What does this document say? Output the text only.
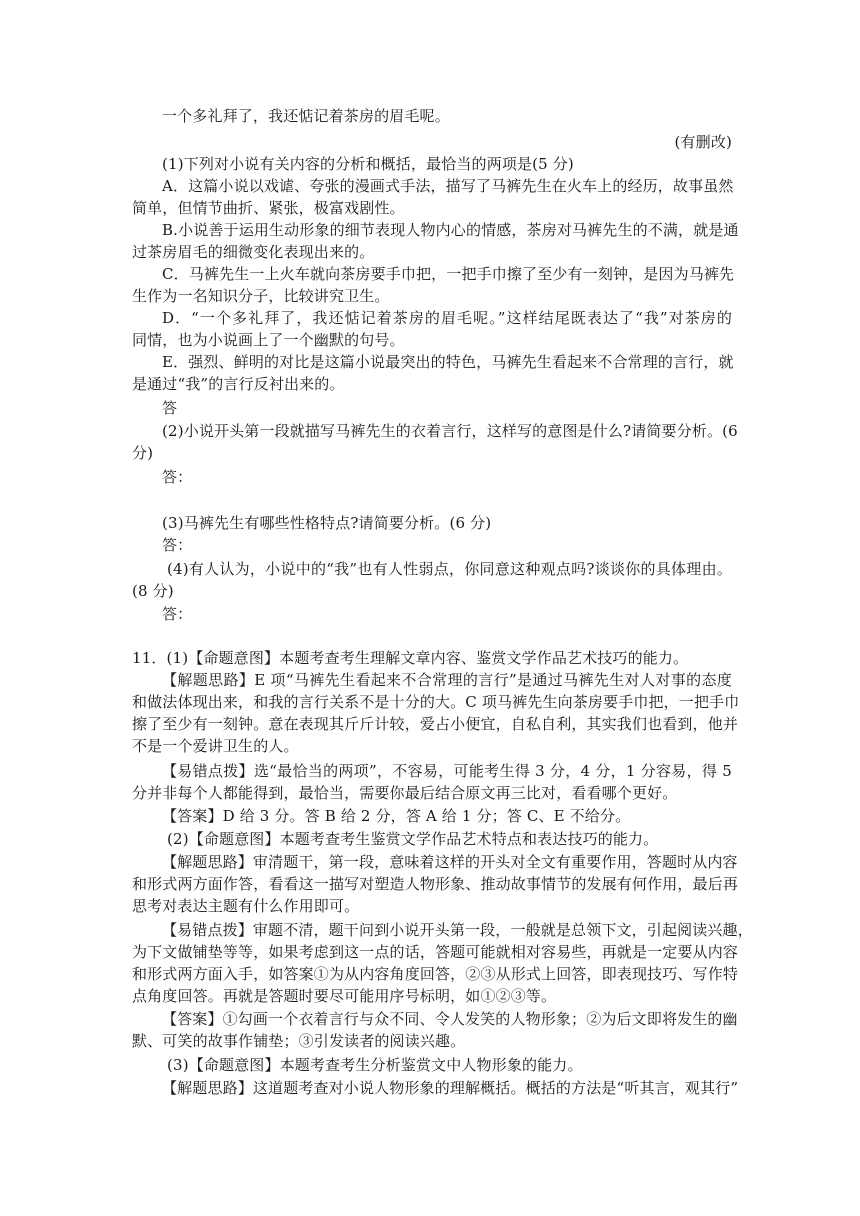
一个多礼拜了，我还惦记着茶房的眉毛呢。
(有删改)
(1)下列对小说有关内容的分析和概括，最恰当的两项是(5 分)
A．这篇小说以戏谑、夸张的漫画式手法，描写了马裤先生在火车上的经历，故事虽然
简单，但情节曲折、紧张，极富戏剧性。
B.小说善于运用生动形象的细节表现人物内心的情感，茶房对马裤先生的不满，就是通
过茶房眉毛的细微变化表现出来的。
C．马裤先生一上火车就向茶房要手巾把，一把手巾擦了至少有一刻钟，是因为马裤先
生作为一名知识分子，比较讲究卫生。
D．“一个多礼拜了，我还惦记着茶房的眉毛呢。”这样结尾既表达了“我”对茶房的
同情，也为小说画上了一个幽默的句号。
E．强烈、鲜明的对比是这篇小说最突出的特色，马裤先生看起来不合常理的言行，就
是通过“我”的言行反衬出来的。
答
(2)小说开头第一段就描写马裤先生的衣着言行，这样写的意图是什么?请简要分析。(6
分)
答：
(3)马裤先生有哪些性格特点?请简要分析。(6 分)
答：
(4)有人认为，小说中的“我”也有人性弱点，你同意这种观点吗?谈谈你的具体理由。
(8 分)
答：
11．(1)【命题意图】本题考查考生理解文章内容、鉴赏文学作品艺术技巧的能力。
【解题思路】E 项“马裤先生看起来不合常理的言行”是通过马裤先生对人对事的态度
和做法体现出来，和我的言行关系不是十分的大。C 项马裤先生向茶房要手巾把，一把手巾
擦了至少有一刻钟。意在表现其斤斤计较，爱占小便宜，自私自利，其实我们也看到，他并
不是一个爱讲卫生的人。
【易错点拨】选“最恰当的两项”，不容易，可能考生得 3 分，4 分，1 分容易，得 5
分并非每个人都能得到，最恰当，需要你最后结合原文再三比对，看看哪个更好。
【答案】D 给 3 分。答 B 给 2 分，答 A 给 1 分；答 C、E 不给分。
(2)【命题意图】本题考查考生鉴赏文学作品艺术特点和表达技巧的能力。
【解题思路】审清题干，第一段，意味着这样的开头对全文有重要作用，答题时从内容
和形式两方面作答，看看这一描写对塑造人物形象、推动故事情节的发展有何作用，最后再
思考对表达主题有什么作用即可。
【易错点拨】审题不清，题干问到小说开头第一段，一般就是总领下文，引起阅读兴趣，
为下文做铺垫等等，如果考虑到这一点的话，答题可能就相对容易些，再就是一定要从内容
和形式两方面入手，如答案①为从内容角度回答，②③从形式上回答，即表现技巧、写作特
点角度回答。再就是答题时要尽可能用序号标明，如①②③等。
【答案】①勾画一个衣着言行与众不同、令人发笑的人物形象；②为后文即将发生的幽
默、可笑的故事作铺垫；③引发读者的阅读兴趣。
(3)【命题意图】本题考查考生分析鉴赏文中人物形象的能力。
【解题思路】这道题考查对小说人物形象的理解概括。概括的方法是“听其言，观其行”
